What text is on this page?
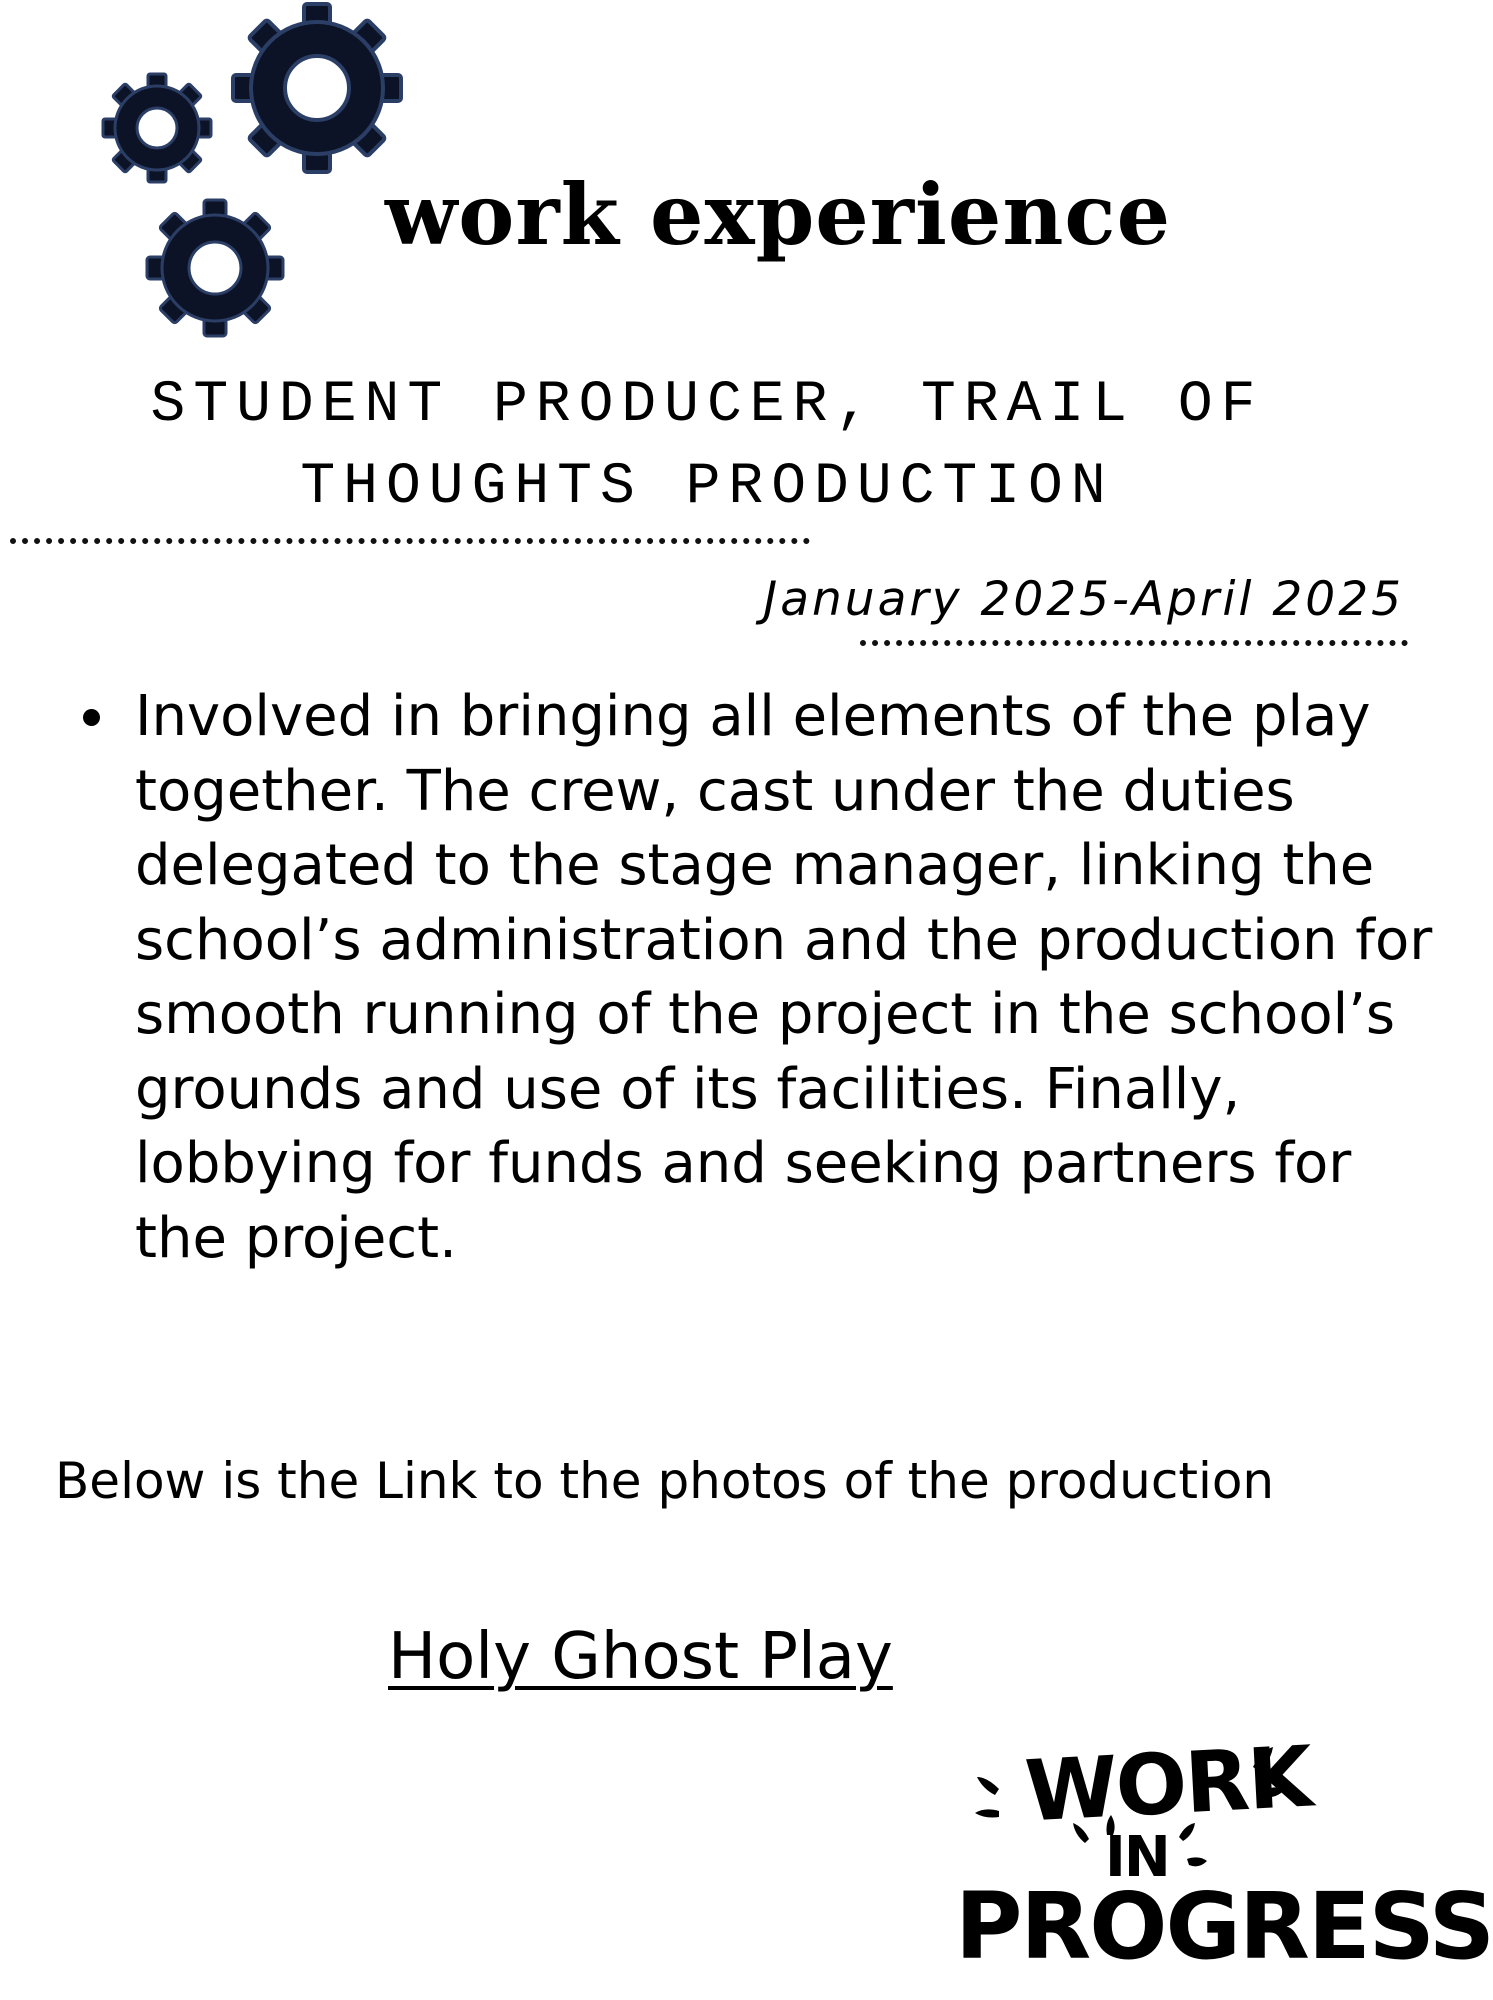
work experience
STUDENT PRODUCER, TRAIL OF
THOUGHTS PRODUCTION
January 2025-April 2025
Involved in bringing all elements of the play together. The crew, cast under the duties delegated to the stage manager, linking the school’s administration and the production for smooth running of the project in the school’s grounds and use of its facilities. Finally, lobbying for funds and seeking partners for the project.
Below is the Link to the photos of the production
Holy Ghost Play
WORK
IN
PROGRESS
